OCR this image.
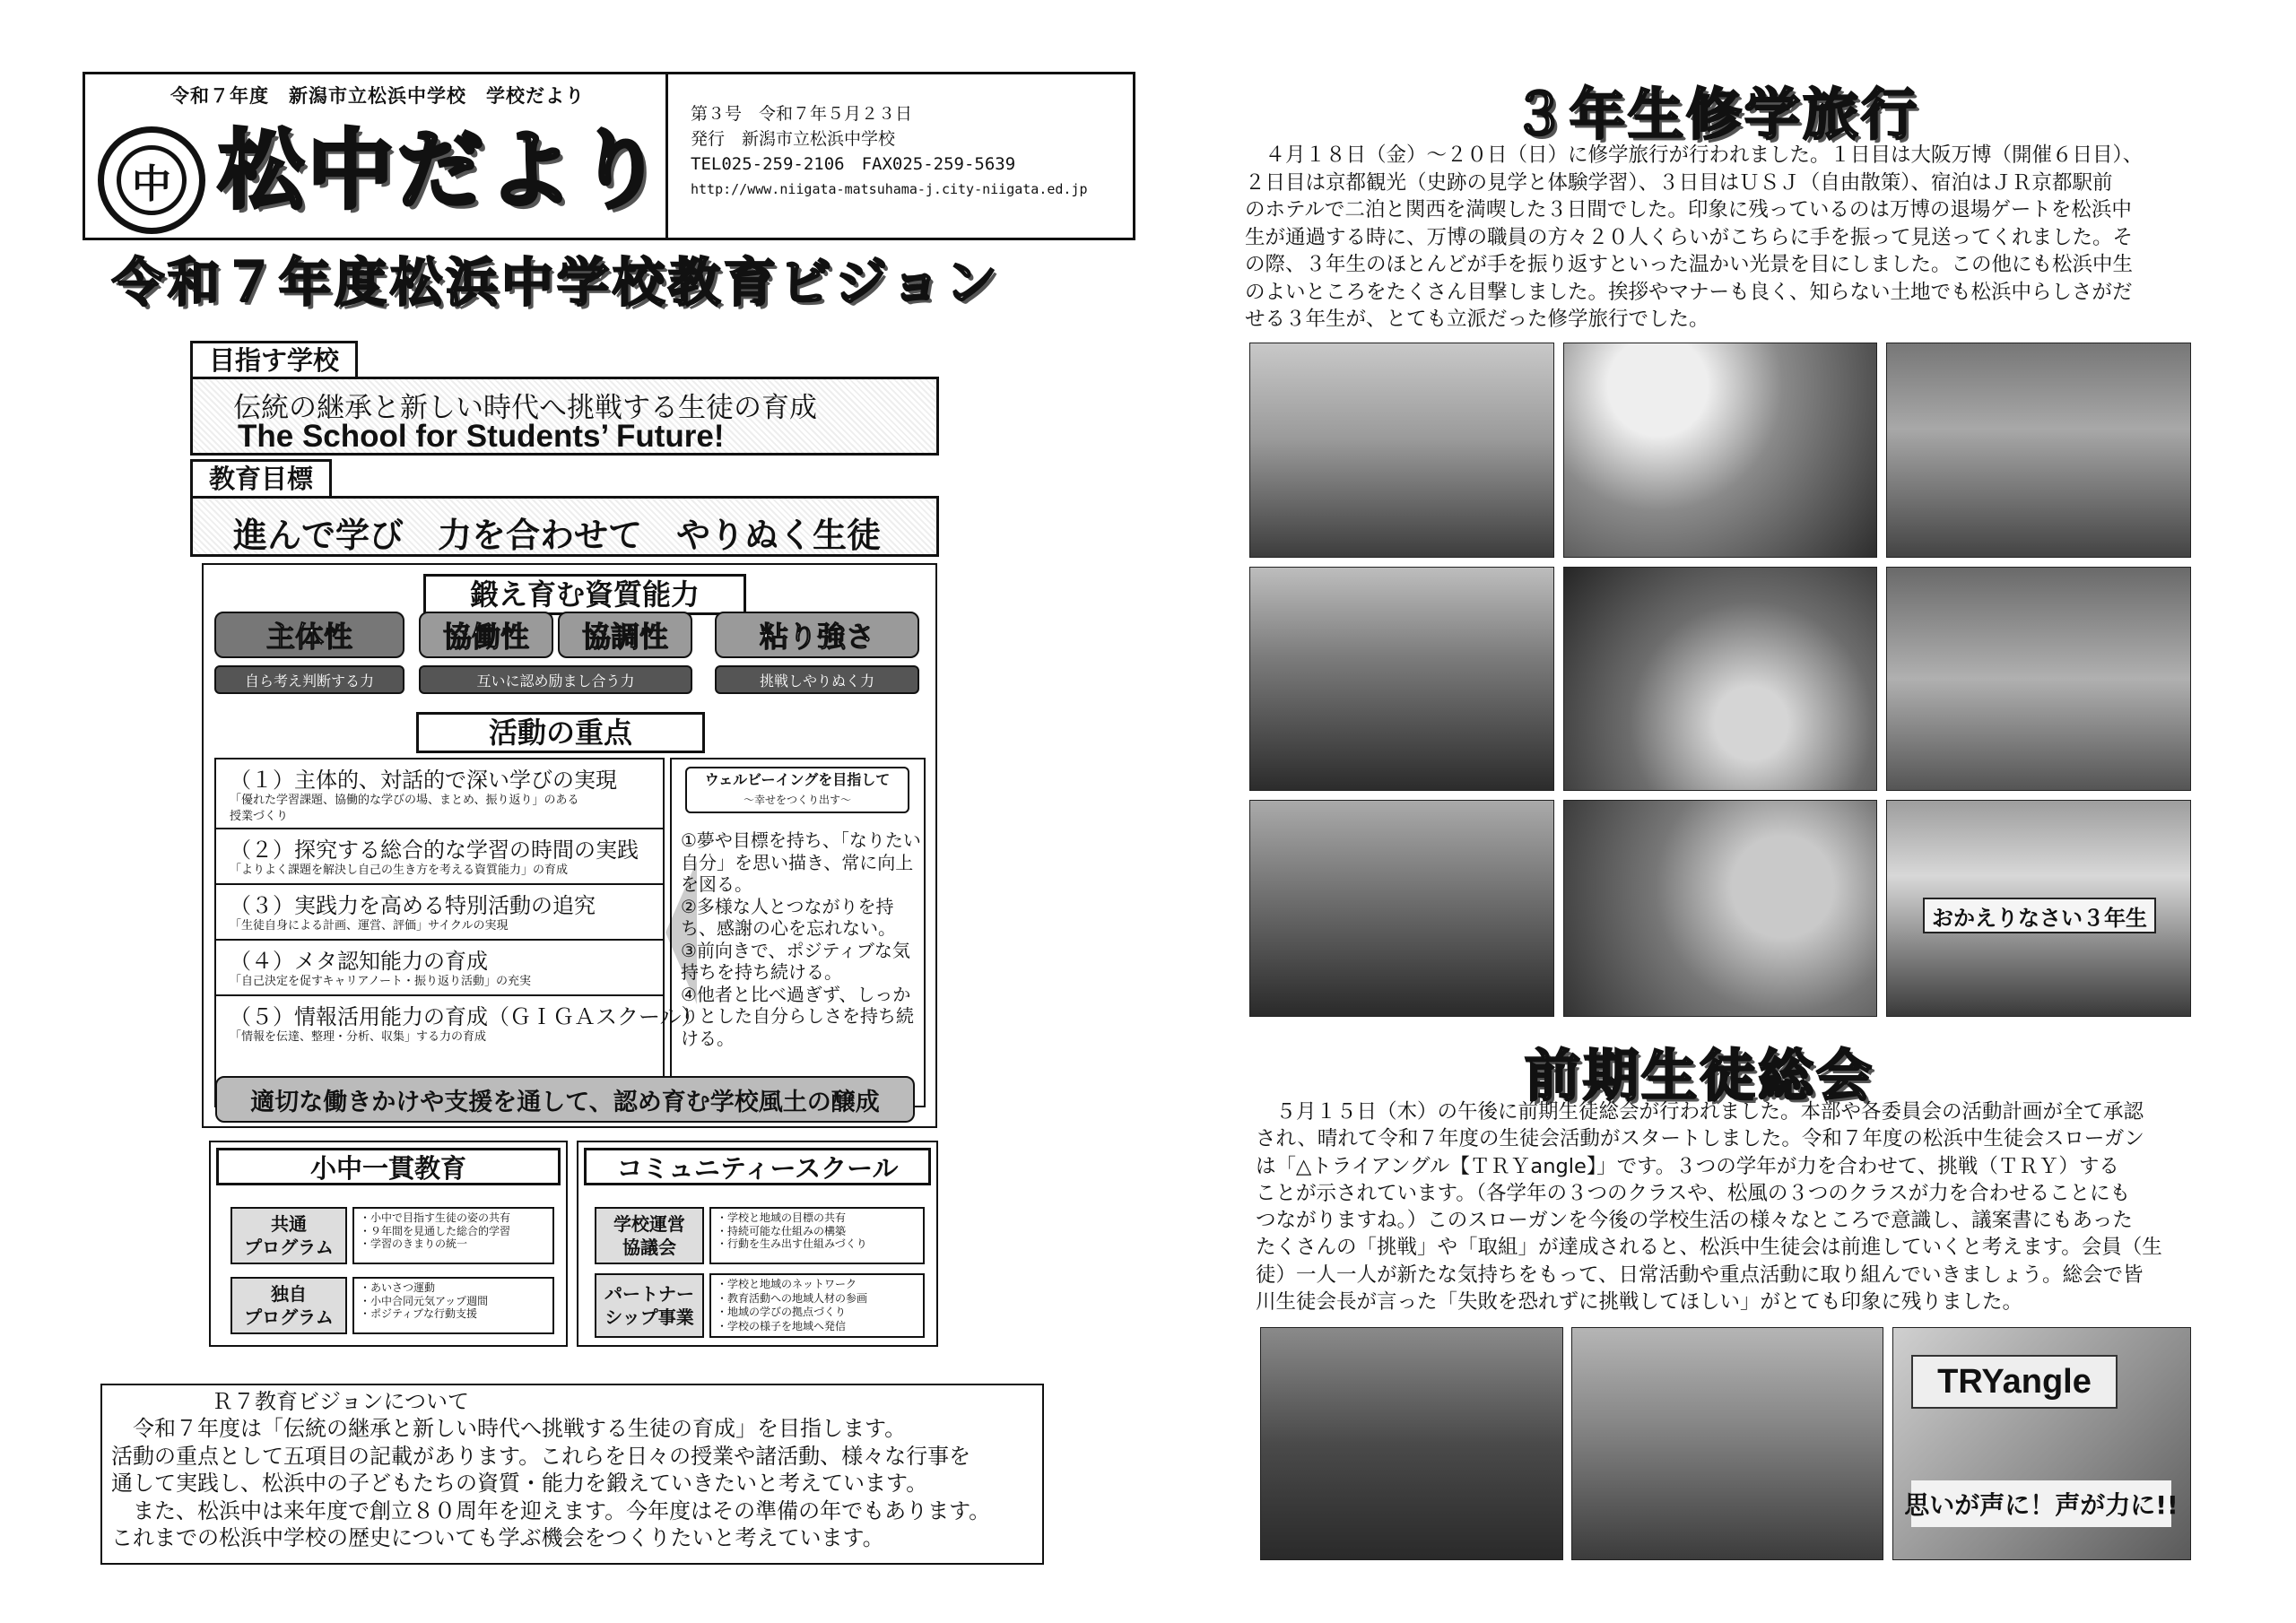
令和７年度　新潟市立松浜中学校　学校だより
中 松中だより
第３号　令和７年５月２３日
発行　新潟市立松浜中学校
TEL025-259-2106　FAX025-259-5639
http://www.niigata-matsuhama-j.city-niigata.ed.jp
令和７年度松浜中学校教育ビジョン
目指す学校
伝統の継承と新しい時代へ挑戦する生徒の育成
The School for Students’ Future!
教育目標
進んで学び　力を合わせて　やりぬく生徒
鍛え育む資質能力
主体性
自ら考え判断する力
協働性	協調性
互いに認め励まし合う力
粘り強さ
挑戦しやりぬく力
活動の重点
（１）主体的、対話的で深い学びの実現
「優れた学習課題、協働的な学びの場、まとめ、振り返り」のある
授業づくり
（２）探究する総合的な学習の時間の実践
「よりよく課題を解決し自己の生き方を考える資質能力」の育成
（３）実践力を高める特別活動の追究
「生徒自身による計画、運営、評価」サイクルの実現
（４）メタ認知能力の育成
「自己決定を促すキャリアノート・振り返り活動」の充実
（５）情報活用能力の育成（ＧＩＧＡスクール）
「情報を伝達、整理・分析、収集」する力の育成
ウェルビーイングを目指して
～幸せをつくり出す～
①夢や目標を持ち、「なりたい自分」を思い描き、常に向上を図る。
②多様な人とつながりを持ち、感謝の心を忘れない。
③前向きで、ポジティブな気持ちを持ち続ける。
④他者と比べ過ぎず、しっかりとした自分らしさを持ち続ける。
適切な働きかけや支援を通して、認め育む学校風土の醸成
小中一貫教育
共通
プログラム
・小中で目指す生徒の姿の共有
・９年間を見通した総合的学習
・学習のきまりの統一
独自
プログラム
・あいさつ運動
・小中合同元気アップ週間
・ポジティブな行動支援
コミュニティースクール
学校運営
協議会
・学校と地域の目標の共有
・持続可能な仕組みの構築
・行動を生み出す仕組みづくり
パートナー
シップ事業
・学校と地域のネットワーク
・教育活動への地域人材の参画
・地域の学びの拠点づくり
・学校の様子を地域へ発信
Ｒ７教育ビジョンについて

　令和７年度は「伝統の継承と新しい時代へ挑戦する生徒の育成」を目指します。

活動の重点として五項目の記載があります。これらを日々の授業や諸活動、様々な行事を

通して実践し、松浜中の子どもたちの資質・能力を鍛えていきたいと考えています。

　また、松浜中は来年度で創立８０周年を迎えます。今年度はその準備の年でもあります。

これまでの松浜中学校の歴史についても学ぶ機会をつくりたいと考えています。

３年生修学旅行

　４月１８日（金）～２０日（日）に修学旅行が行われました。１日目は大阪万博（開催６日目）、

２日目は京都観光（史跡の見学と体験学習）、３日目はＵＳＪ（自由散策）、宿泊はＪＲ京都駅前

のホテルで二泊と関西を満喫した３日間でした。印象に残っているのは万博の退場ゲートを松浜中

生が通過する時に、万博の職員の方々２０人くらいがこちらに手を振って見送ってくれました。そ

の際、３年生のほとんどが手を振り返すといった温かい光景を目にしました。この他にも松浜中生

のよいところをたくさん目撃しました。挨拶やマナーも良く、知らない土地でも松浜中らしさがだ

せる３年生が、とても立派だった修学旅行でした。

おかえりなさい３年生
前期生徒総会

　５月１５日（木）の午後に前期生徒総会が行われました。本部や各委員会の活動計画が全て承認

され、晴れて令和７年度の生徒会活動がスタートしました。令和７年度の松浜中生徒会スローガン

は「△トライアングル【ＴＲＹangle】」です。３つの学年が力を合わせて、挑戦（ＴＲＹ）する

ことが示されています。（各学年の３つのクラスや、松風の３つのクラスが力を合わせることにも

つながりますね。）このスローガンを今後の学校生活の様々なところで意識し、議案書にもあった

たくさんの「挑戦」や「取組」が達成されると、松浜中生徒会は前進していくと考えます。会員（生

徒）一人一人が新たな気持ちをもって、日常活動や重点活動に取り組んでいきましょう。総会で皆

川生徒会長が言った「失敗を恐れずに挑戦してほしい」がとても印象に残りました。

TRYangle
思いが声に！声が力に!!
